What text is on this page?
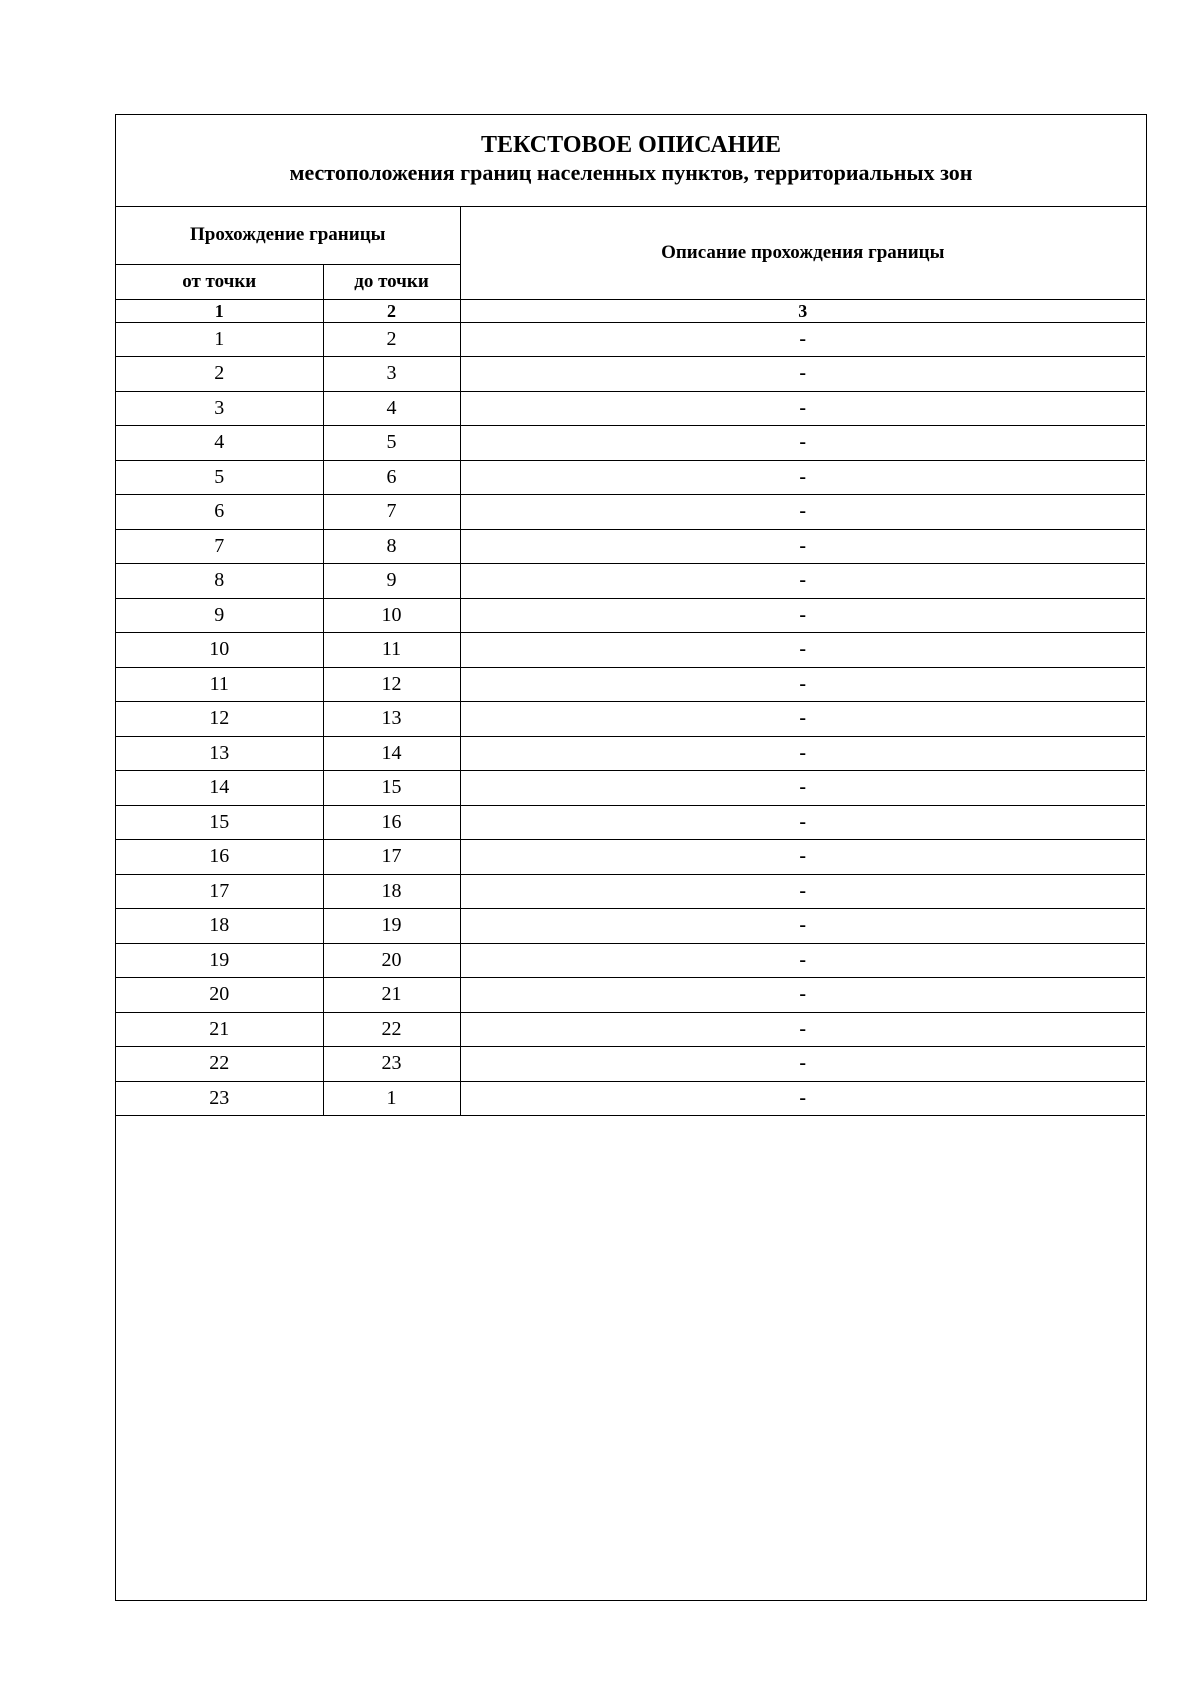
ТЕКСТОВОЕ ОПИСАНИЕ
местоположения границ населенных пунктов, территориальных зон
Прохождение границы		Описание прохождения границы
от точки	до точки	
1	2	3
1	2	-
2	3	-
3	4	-
4	5	-
5	6	-
6	7	-
7	8	-
8	9	-
9	10	-
10	11	-
11	12	-
12	13	-
13	14	-
14	15	-
15	16	-
16	17	-
17	18	-
18	19	-
19	20	-
20	21	-
21	22	-
22	23	-
23	1	-
